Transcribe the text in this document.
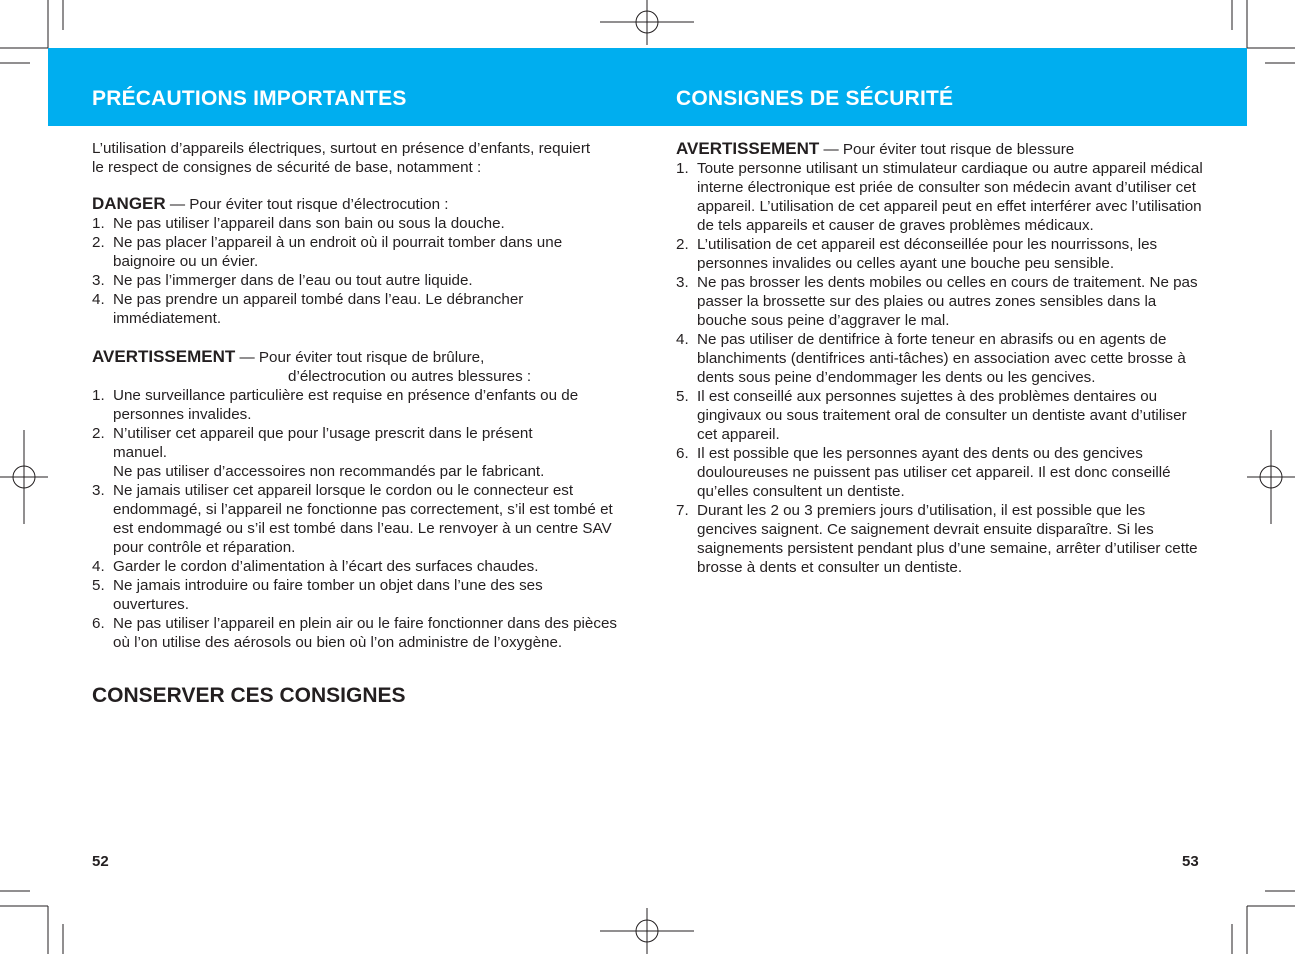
PRÉCAUTIONS IMPORTANTES	CONSIGNES DE SÉCURITÉ

L’utilisation d’appareils électriques, surtout en présence d’enfants, requiert le respect de consignes de sécurité de base, notamment :

DANGER — Pour éviter tout risque d’électrocution :

1. Ne pas utiliser l’appareil dans son bain ou sous la douche.
2. Ne pas placer l’appareil à un endroit où il pourrait tomber dans une baignoire ou un évier.
3. Ne pas l’immerger dans de l’eau ou tout autre liquide.
4. Ne pas prendre un appareil tombé dans l’eau. Le débrancher immédiatement.

AVERTISSEMENT — Pour éviter tout risque de brûlure,

d’électrocution ou autres blessures :

1. Une surveillance particulière est requise en présence d’enfants ou de personnes invalides.
2. N’utiliser cet appareil que pour l’usage prescrit dans le présent manuel.
Ne pas utiliser d’accessoires non recommandés par le fabricant.
3. Ne jamais utiliser cet appareil lorsque le cordon ou le connecteur est endommagé, si l’appareil ne fonctionne pas correctement, s’il est tombé et est endommagé ou s’il est tombé dans l’eau. Le renvoyer à un centre SAV pour contrôle et réparation.
4. Garder le cordon d’alimentation à l’écart des surfaces chaudes.
5. Ne jamais introduire ou faire tomber un objet dans l’une des ses ouvertures.
6. Ne pas utiliser l’appareil en plein air ou le faire fonctionner dans des pièces où l’on utilise des aérosols ou bien où l’on administre de l’oxygène.
CONSERVER CES CONSIGNES

52

AVERTISSEMENT — Pour éviter tout risque de blessure

1. Toute personne utilisant un stimulateur cardiaque ou autre appareil médical interne électronique est priée de consulter son médecin avant d’utiliser cet appareil. L’utilisation de cet appareil peut en effet interférer avec l’utilisation de tels appareils et causer de graves problèmes médicaux.
2. L’utilisation de cet appareil est déconseillée pour les nourrissons, les personnes invalides ou celles ayant une bouche peu sensible.
3. Ne pas brosser les dents mobiles ou celles en cours de traitement. Ne pas passer la brossette sur des plaies ou autres zones sensibles dans la bouche sous peine d’aggraver le mal.
4. Ne pas utiliser de dentifrice à forte teneur en abrasifs ou en agents de blanchiments (dentifrices anti-tâches) en association avec cette brosse à dents sous peine d’endommager les dents ou les gencives.
5. Il est conseillé aux personnes sujettes à des problèmes dentaires ou gingivaux ou sous traitement oral de consulter un dentiste avant d’utiliser cet appareil.
6. Il est possible que les personnes ayant des dents ou des gencives douloureuses ne puissent pas utiliser cet appareil. Il est donc conseillé qu’elles consultent un dentiste.
7. Durant les 2 ou 3 premiers jours d’utilisation, il est possible que les gencives saignent. Ce saignement devrait ensuite disparaître. Si les saignements persistent pendant plus d’une semaine, arrêter d’utiliser cette brosse à dents et consulter un dentiste.

53
